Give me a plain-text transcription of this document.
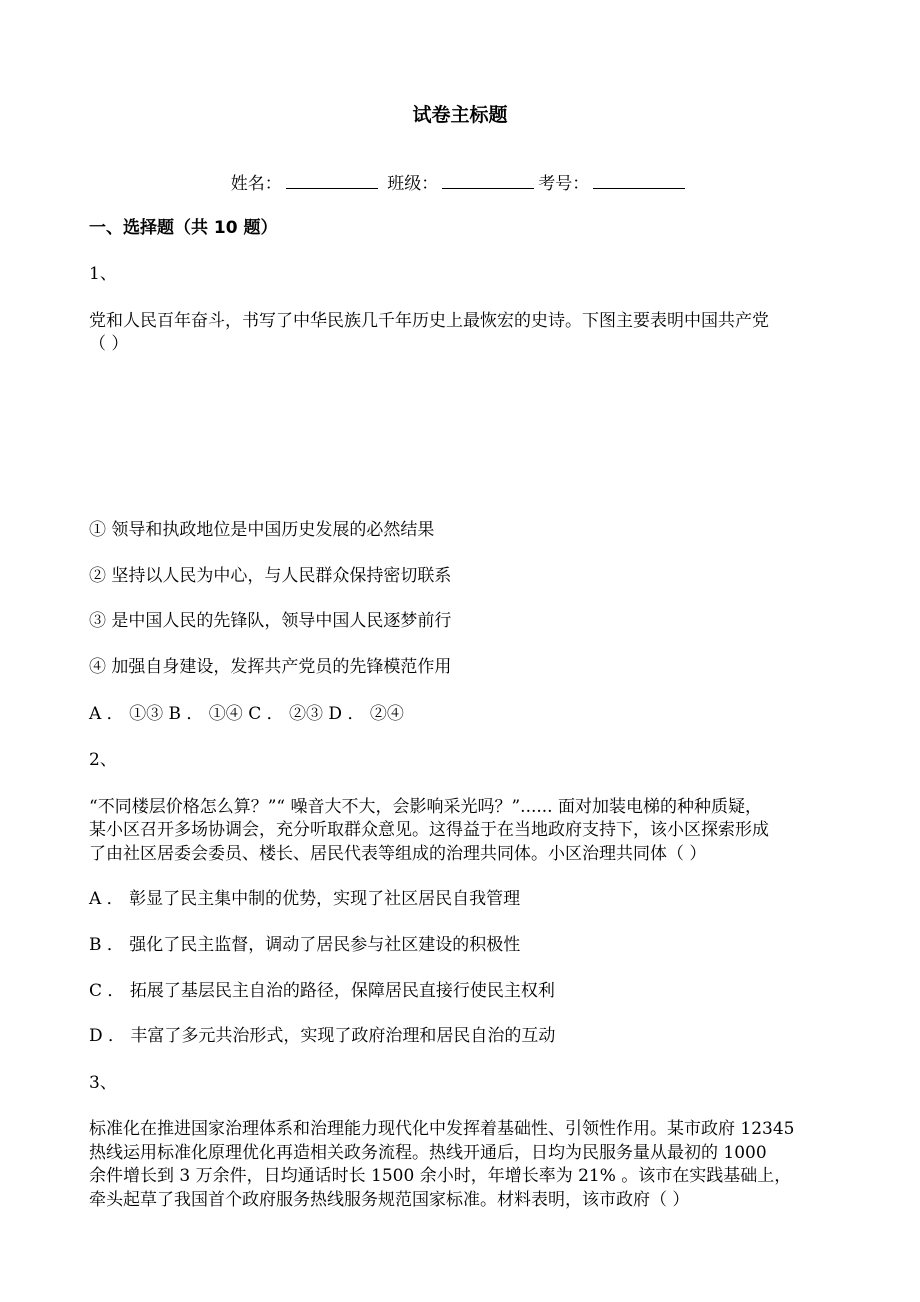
试卷主标题
姓名：	班级：	考号：
一、选择题（共 10 题）
1、
党和人民百年奋斗，书写了中华民族几千年历史上最恢宏的史诗。下图主要表明中国共产党
（ ）
① 领导和执政地位是中国历史发展的必然结果
② 坚持以人民为中心，与人民群众保持密切联系
③ 是中国人民的先锋队，领导中国人民逐梦前行
④ 加强自身建设，发挥共产党员的先锋模范作用
A ． ①③ B ． ①④ C ． ②③ D ． ②④
2、
“不同楼层价格怎么算？”“ 噪音大不大，会影响采光吗？”...... 面对加装电梯的种种质疑，
某小区召开多场协调会，充分听取群众意见。这得益于在当地政府支持下，该小区探索形成
了由社区居委会委员、楼长、居民代表等组成的治理共同体。小区治理共同体（ ）
A ． 彰显了民主集中制的优势，实现了社区居民自我管理
B ． 强化了民主监督，调动了居民参与社区建设的积极性
C ． 拓展了基层民主自治的路径，保障居民直接行使民主权利
D ． 丰富了多元共治形式，实现了政府治理和居民自治的互动
3、
标准化在推进国家治理体系和治理能力现代化中发挥着基础性、引领性作用。某市政府 12345
热线运用标准化原理优化再造相关政务流程。热线开通后，日均为民服务量从最初的 1000
余件增长到 3 万余件，日均通话时长 1500 余小时，年增长率为 21% 。该市在实践基础上，
牵头起草了我国首个政府服务热线服务规范国家标准。材料表明，该市政府（ ）
